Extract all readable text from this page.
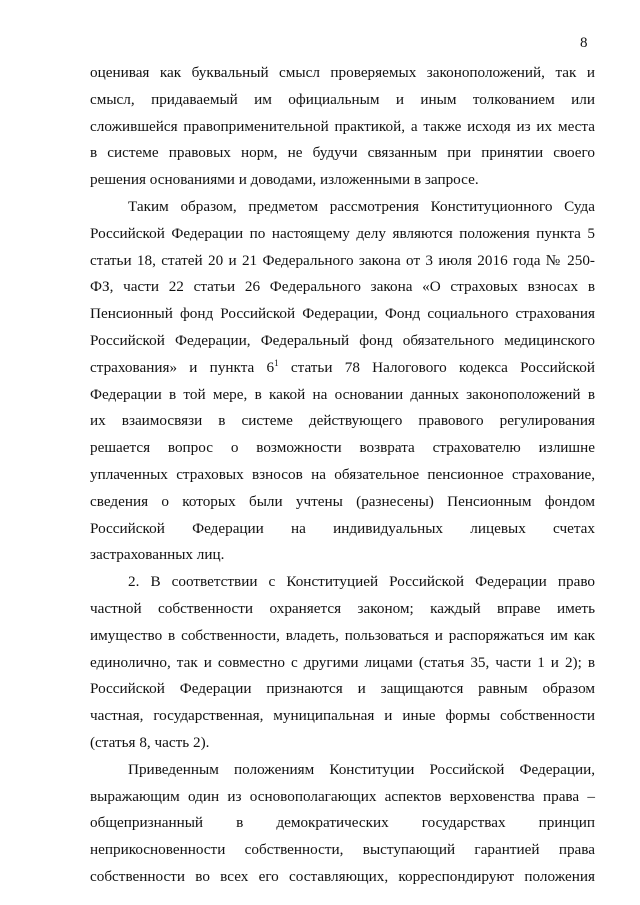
8
оценивая как буквальный смысл проверяемых законоположений, так и
смысл, придаваемый им официальным и иным толкованием или
сложившейся правоприменительной практикой, а также исходя из их места
в системе правовых норм, не будучи связанным при принятии своего
решения основаниями и доводами, изложенными в запросе.
Таким образом, предметом рассмотрения Конституционного Суда
Российской Федерации по настоящему делу являются положения пункта 5
статьи 18, статей 20 и 21 Федерального закона от 3 июля 2016 года № 250-
ФЗ, части 22 статьи 26 Федерального закона «О страховых взносах в
Пенсионный фонд Российской Федерации, Фонд социального страхования
Российской Федерации, Федеральный фонд обязательного медицинского
страхования» и пункта $6^1$ статьи 78 Налогового кодекса Российской
Федерации в той мере, в какой на основании данных законоположений в
их взаимосвязи в системе действующего правового регулирования
решается вопрос о возможности возврата страхователю излишне
уплаченных страховых взносов на обязательное пенсионное страхование,
сведения о которых были учтены (разнесены) Пенсионным фондом
Российской Федерации на индивидуальных лицевых счетах
застрахованных лиц.
2. В соответствии с Конституцией Российской Федерации право
частной собственности охраняется законом; каждый вправе иметь
имущество в собственности, владеть, пользоваться и распоряжаться им как
единолично, так и совместно с другими лицами (статья 35, части 1 и 2); в
Российской Федерации признаются и защищаются равным образом
частная, государственная, муниципальная и иные формы собственности
(статья 8, часть 2).
Приведенным положениям Конституции Российской Федерации,
выражающим один из основополагающих аспектов верховенства права –
общепризнанный в демократических государствах принцип
неприкосновенности собственности, выступающий гарантией права
собственности во всех его составляющих, корреспондируют положения
